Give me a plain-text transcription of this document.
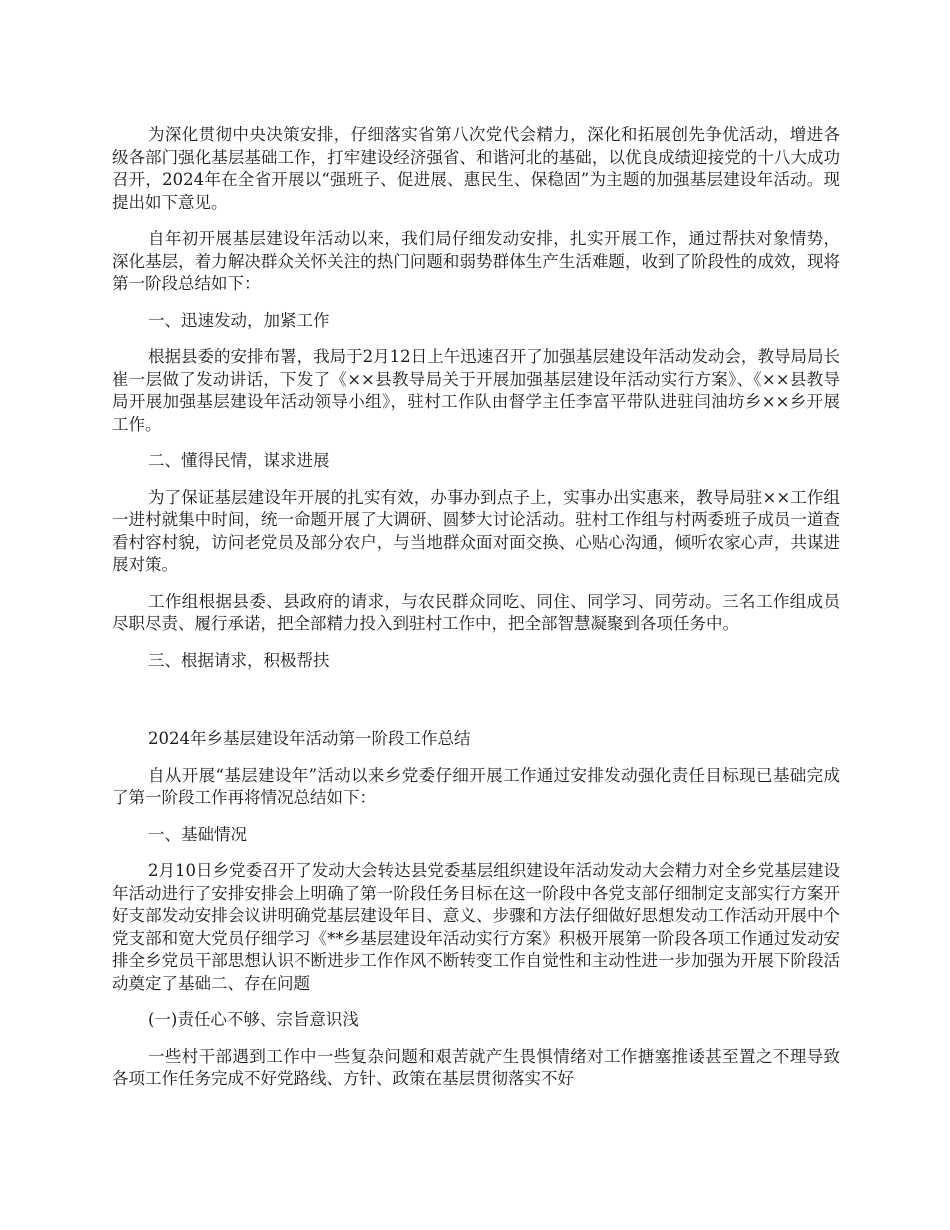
为深化贯彻中央决策安排，仔细落实省第八次党代会精力，深化和拓展创先争优活动，增进各级各部门强化基层基础工作，打牢建设经济强省、和谐河北的基础，以优良成绩迎接党的十八大成功召开，2024年在全省开展以“强班子、促进展、惠民生、保稳固”为主题的加强基层建设年活动。现提出如下意见。

自年初开展基层建设年活动以来，我们局仔细发动安排，扎实开展工作，通过帮扶对象情势，深化基层，着力解决群众关怀关注的热门问题和弱势群体生产生活难题，收到了阶段性的成效，现将第一阶段总结如下：

一、迅速发动，加紧工作

根据县委的安排布署，我局于2月12日上午迅速召开了加强基层建设年活动发动会，教导局局长崔一层做了发动讲话，下发了《××县教导局关于开展加强基层建设年活动实行方案》、《××县教导局开展加强基层建设年活动领导小组》，驻村工作队由督学主任李富平带队进驻闫油坊乡××乡开展工作。

二、懂得民情，谋求进展

为了保证基层建设年开展的扎实有效，办事办到点子上，实事办出实惠来，教导局驻××工作组一进村就集中时间，统一命题开展了大调研、圆梦大讨论活动。驻村工作组与村两委班子成员一道查看村容村貌，访问老党员及部分农户，与当地群众面对面交换、心贴心沟通，倾听农家心声，共谋进展对策。

工作组根据县委、县政府的请求，与农民群众同吃、同住、同学习、同劳动。三名工作组成员尽职尽责、履行承诺，把全部精力投入到驻村工作中，把全部智慧凝聚到各项任务中。

三、根据请求，积极帮扶

2024年乡基层建设年活动第一阶段工作总结

自从开展“基层建设年”活动以来乡党委仔细开展工作通过安排发动强化责任目标现已基础完成了第一阶段工作再将情况总结如下：

一、基础情况

2月10日乡党委召开了发动大会转达县党委基层组织建设年活动发动大会精力对全乡党基层建设年活动进行了安排安排会上明确了第一阶段任务目标在这一阶段中各党支部仔细制定支部实行方案开好支部发动安排会议讲明确党基层建设年目、意义、步骤和方法仔细做好思想发动工作活动开展中个党支部和宽大党员仔细学习《**乡基层建设年活动实行方案》积极开展第一阶段各项工作通过发动安排全乡党员干部思想认识不断进步工作作风不断转变工作自觉性和主动性进一步加强为开展下阶段活动奠定了基础二、存在问题

(一)责任心不够、宗旨意识浅

一些村干部遇到工作中一些复杂问题和艰苦就产生畏惧情绪对工作搪塞推诿甚至置之不理导致各项工作任务完成不好党路线、方针、政策在基层贯彻落实不好
